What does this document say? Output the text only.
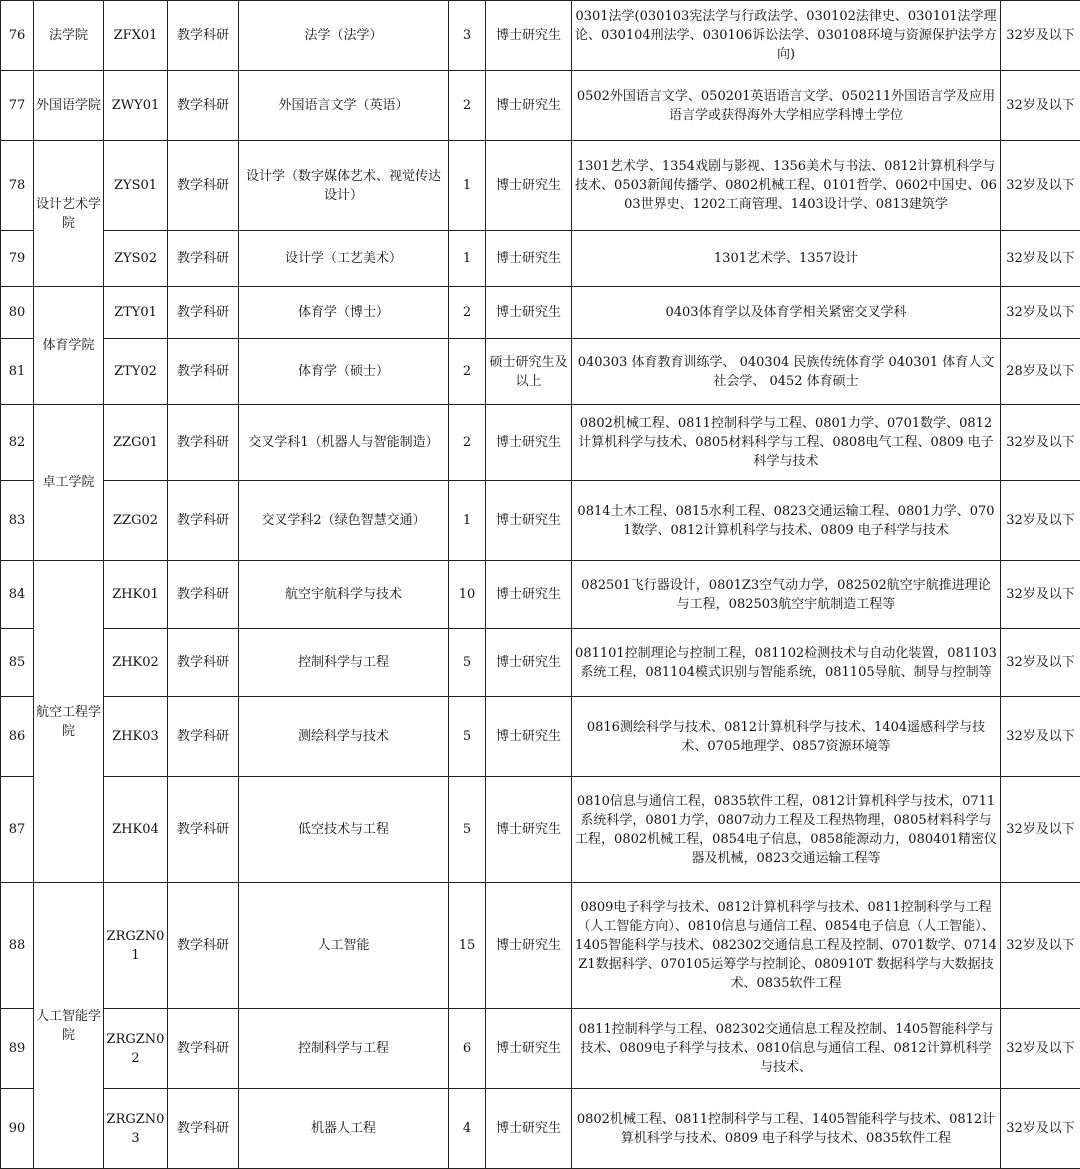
76	法学院	ZFX01	教学科研	法学（法学）	3	博士研究生	0301法学(030103宪法学与行政法学、030102法律史、030101法学理论、030104刑法学、030106诉讼法学、030108环境与资源保护法学方向)	32岁及以下
77	外国语学院	ZWY01	教学科研	外国语言文学（英语）	2	博士研究生	0502外国语言文学、050201英语语言文学、050211外国语言学及应用语言学或获得海外大学相应学科博士学位	32岁及以下
78	设计艺术学院	ZYS01	教学科研	设计学（数字媒体艺术、视觉传达设计）	1	博士研究生	1301艺术学、1354戏剧与影视、1356美术与书法、0812计算机科学与技术、0503新闻传播学、0802机械工程、0101哲学、0602中国史、0603世界史、1202工商管理、1403设计学、0813建筑学	32岁及以下
79		ZYS02	教学科研	设计学（工艺美术）	1	博士研究生	1301艺术学、1357设计	32岁及以下
80	体育学院	ZTY01	教学科研	体育学（博士）	2	博士研究生	0403体育学以及体育学相关紧密交叉学科	32岁及以下
81		ZTY02	教学科研	体育学（硕士）	2	硕士研究生及以上	040303 体育教育训练学、 040304 民族传统体育学 040301 体育人文社会学、 0452 体育硕士	28岁及以下
82	卓工学院	ZZG01	教学科研	交叉学科1（机器人与智能制造）	2	博士研究生	0802机械工程、0811控制科学与工程、0801力学、0701数学、0812计算机科学与技术、0805材料科学与工程、0808电气工程、0809 电子科学与技术	32岁及以下
83		ZZG02	教学科研	交叉学科2（绿色智慧交通）	1	博士研究生	0814土木工程、0815水利工程、0823交通运输工程、0801力学、0701数学、0812计算机科学与技术、0809 电子科学与技术	32岁及以下
84	航空工程学院	ZHK01	教学科研	航空宇航科学与技术	10	博士研究生	082501飞行器设计，0801Z3空气动力学，082502航空宇航推进理论与工程，082503航空宇航制造工程等	32岁及以下
85		ZHK02	教学科研	控制科学与工程	5	博士研究生	081101控制理论与控制工程，081102检测技术与自动化装置，081103系统工程，081104模式识别与智能系统，081105导航、制导与控制等	32岁及以下
86		ZHK03	教学科研	测绘科学与技术	5	博士研究生	0816测绘科学与技术、0812计算机科学与技术、1404遥感科学与技术、0705地理学、0857资源环境等	32岁及以下
87		ZHK04	教学科研	低空技术与工程	5	博士研究生	0810信息与通信工程，0835软件工程，0812计算机科学与技术，0711系统科学，0801力学，0807动力工程及工程热物理，0805材料科学与工程，0802机械工程，0854电子信息，0858能源动力，080401精密仪器及机械，0823交通运输工程等	32岁及以下
88	人工智能学院	ZRGZN01	教学科研	人工智能	15	博士研究生	0809电子科学与技术、0812计算机科学与技术、0811控制科学与工程（人工智能方向）、0810信息与通信工程、0854电子信息（人工智能）、1405智能科学与技术、082302交通信息工程及控制、0701数学、0714Z1数据科学、070105运筹学与控制论、080910T 数据科学与大数据技术、0835软件工程	32岁及以下
89		ZRGZN02	教学科研	控制科学与工程	6	博士研究生	0811控制科学与工程、082302交通信息工程及控制、1405智能科学与技术、0809电子科学与技术、0810信息与通信工程、0812计算机科学与技术、	32岁及以下
90		ZRGZN03	教学科研	机器人工程	4	博士研究生	0802机械工程、0811控制科学与工程、1405智能科学与技术、0812计算机科学与技术、0809 电子科学与技术、0835软件工程	32岁及以下
